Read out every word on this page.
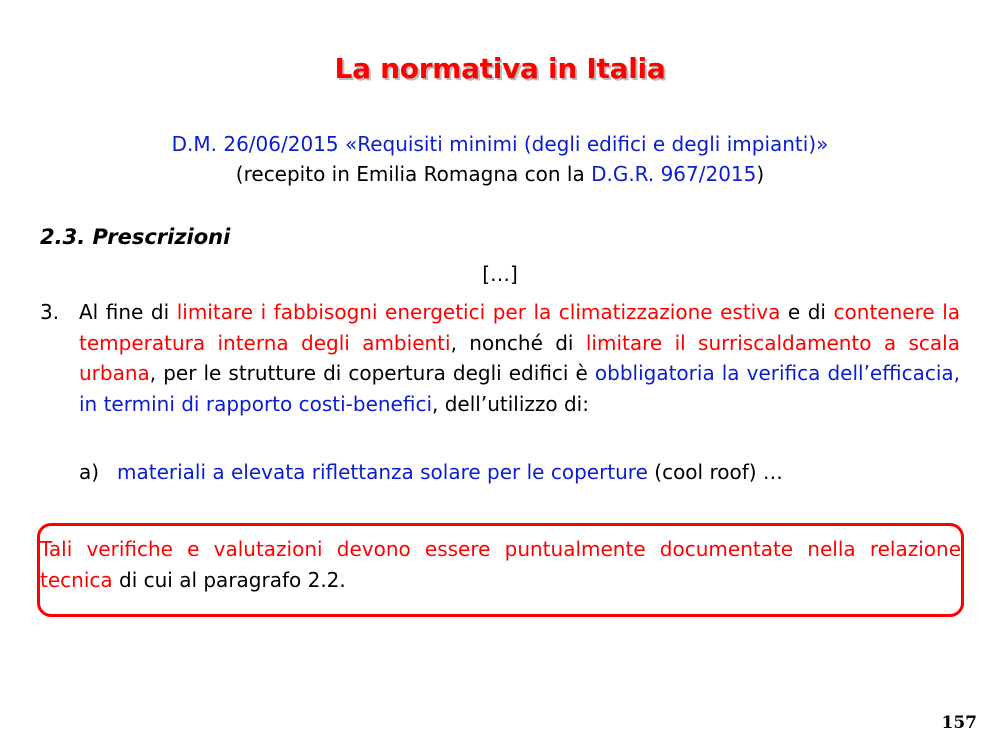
La normativa in Italia
D.M. 26/06/2015 «Requisiti minimi (degli edifici e degli impianti)»
(recepito in Emilia Romagna con la D.G.R. 967/2015)
2.3. Prescrizioni
[…]
3. Al fine di limitare i fabbisogni energetici per la climatizzazione estiva e di contenere la temperatura interna degli ambienti, nonché di limitare il surriscaldamento a scala urbana, per le strutture di copertura degli edifici è obbligatoria la verifica dell’efficacia, in termini di rapporto costi-benefici, dell’utilizzo di:
a) materiali a elevata riflettanza solare per le coperture (cool roof) …
Tali verifiche e valutazioni devono essere puntualmente documentate nella relazione tecnica di cui al paragrafo 2.2.
157
